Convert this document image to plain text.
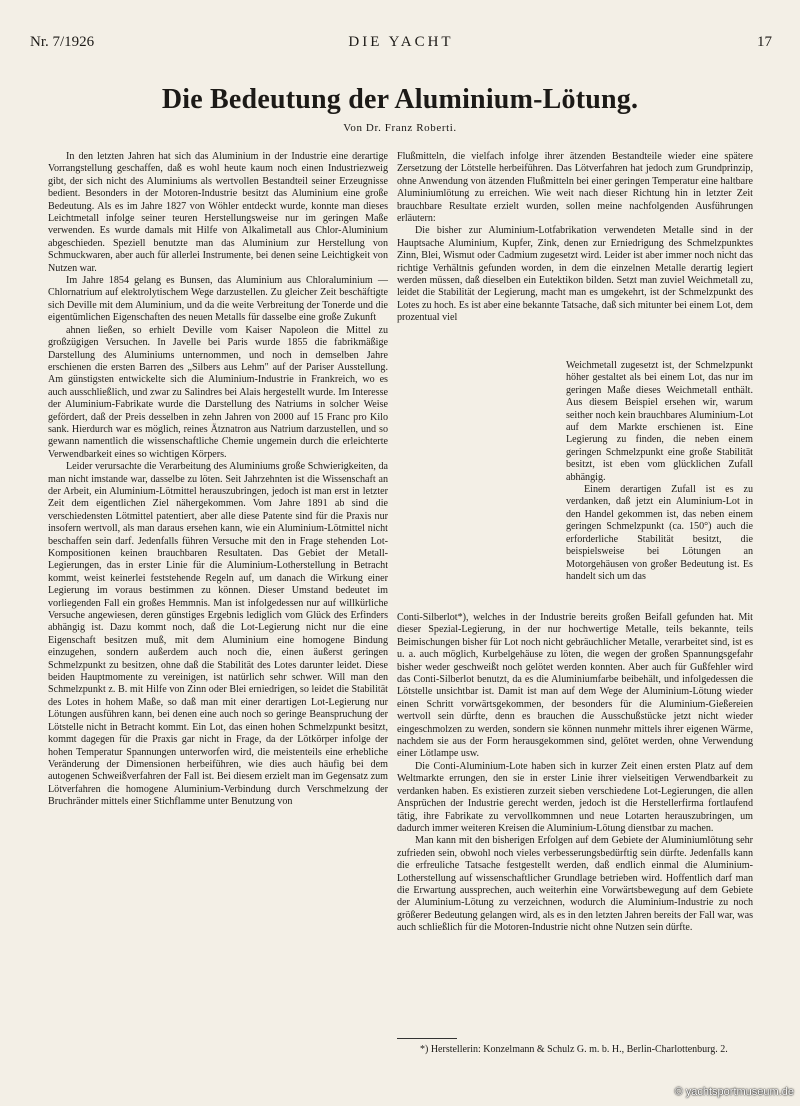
Nr. 7/1926	DIE YACHT	17
Die Bedeutung der Aluminium-Lötung.
Von Dr. Franz Roberti.

In den letzten Jahren hat sich das Aluminium in der Industrie eine derartige Vorrangstellung geschaffen, daß es wohl heute kaum noch einen Industriezweig gibt, der sich nicht des Aluminiums als wertvollen Bestandteil seiner Erzeugnisse bedient. Besonders in der Motoren-Industrie besitzt das Aluminium eine große Bedeutung. Als es im Jahre 1827 von Wöhler entdeckt wurde, konnte man dieses Leichtmetall infolge seiner teuren Herstellungsweise nur im geringen Maße verwenden. Es wurde damals mit Hilfe von Alkalimetall aus Chlor-Aluminium abgeschieden. Speziell benutzte man das Aluminium zur Herstellung von Schmuckwaren, aber auch für allerlei Instrumente, bei denen seine Leichtigkeit von Nutzen war.

Im Jahre 1854 gelang es Bunsen, das Aluminium aus Chloraluminium — Chlornatrium auf elektrolytischem Wege darzustellen. Zu gleicher Zeit beschäftigte sich Deville mit dem Aluminium, und da die weite Verbreitung der Tonerde und die eigentümlichen Eigenschaften des neuen Metalls für dasselbe eine große Zukunft

ahnen ließen, so erhielt Deville vom Kaiser Napoleon die Mittel zu großzügigen Versuchen. In Javelle bei Paris wurde 1855 die fabrikmäßige Darstellung des Aluminiums unternommen, und noch in demselben Jahre erschienen die ersten Barren des „Silbers aus Lehm" auf der Pariser Ausstellung. Am günstigsten entwickelte sich die Aluminium-Industrie in Frankreich, wo es auch ausschließlich, und zwar zu Salindres bei Alais hergestellt wurde. Im Interesse der Aluminium-Fabrikate wurde die Darstellung des Natriums in solcher Weise gefördert, daß der Preis desselben in zehn Jahren von 2000 auf 15 Franc pro Kilo sank. Hierdurch war es möglich, reines Ätznatron aus Natrium darzustellen, und so gewann namentlich die wissenschaftliche Chemie ungemein durch die erleichterte Verwendbarkeit eines so wichtigen Körpers.

Leider verursachte die Verarbeitung des Aluminiums große Schwierigkeiten, da man nicht imstande war, dasselbe zu löten. Seit Jahrzehnten ist die Wissenschaft an der Arbeit, ein Aluminium-Lötmittel herauszubringen, jedoch ist man erst in letzter Zeit dem eigentlichen Ziel nähergekommen. Vom Jahre 1891 ab sind die verschiedensten Lötmittel patentiert, aber alle diese Patente sind für die Praxis nur insofern wertvoll, als man daraus ersehen kann, wie ein Aluminium-Lötmittel nicht beschaffen sein darf. Jedenfalls führen Versuche mit den in Frage stehenden Lot-Kompositionen keinen brauchbaren Resultaten. Das Gebiet der Metall-Legierungen, das in erster Linie für die Aluminium-Lotherstellung in Betracht kommt, weist keinerlei feststehende Regeln auf, um danach die Wirkung einer Legierung im voraus bestimmen zu können. Dieser Umstand bedeutet im vorliegenden Fall ein großes Hemmnis. Man ist infolgedessen nur auf willkürliche Versuche angewiesen, deren günstiges Ergebnis lediglich vom Glück des Erfinders abhängig ist. Dazu kommt noch, daß die Lot-Legierung nicht nur die eine Eigenschaft besitzen muß, mit dem Aluminium eine homogene Bindung einzugehen, sondern außerdem auch noch die, einen äußerst geringen Schmelzpunkt zu besitzen, ohne daß die Stabilität des Lotes darunter leidet. Diese beiden Hauptmomente zu vereinigen, ist natürlich sehr schwer. Will man den Schmelzpunkt z. B. mit Hilfe von Zinn oder Blei erniedrigen, so leidet die Stabilität des Lotes in hohem Maße, so daß man mit einer derartigen Lot-Legierung nur Lötungen ausführen kann, bei denen eine auch noch so geringe Beanspruchung der Lötstelle nicht in Betracht kommt. Ein Lot, das einen hohen Schmelzpunkt besitzt, kommt dagegen für die Praxis gar nicht in Frage, da der Lötkörper infolge der hohen Temperatur Spannungen unterworfen wird, die meistenteils eine erhebliche Veränderung der Dimensionen herbeiführen, wie dies auch häufig bei dem autogenen Schweißverfahren der Fall ist. Bei diesem erzielt man im Gegensatz zum Lötverfahren die homogene Aluminium-Verbindung durch Verschmelzung der Bruchränder mittels einer Stichflamme unter Benutzung von

Flußmitteln, die vielfach infolge ihrer ätzenden Bestandteile wieder eine spätere Zersetzung der Lötstelle herbeiführen. Das Lötverfahren hat jedoch zum Grundprinzip, ohne Anwendung von ätzenden Flußmitteln bei einer geringen Temperatur eine haltbare Aluminiumlötung zu erreichen. Wie weit nach dieser Richtung hin in letzter Zeit brauchbare Resultate erzielt wurden, sollen meine nachfolgenden Ausführungen erläutern:

Die bisher zur Aluminium-Lotfabrikation verwendeten Metalle sind in der Hauptsache Aluminium, Kupfer, Zink, denen zur Erniedrigung des Schmelzpunktes Zinn, Blei, Wismut oder Cadmium zugesetzt wird. Leider ist aber immer noch nicht das richtige Verhältnis gefunden worden, in dem die einzelnen Metalle derartig legiert werden müssen, daß dieselben ein Eutektikon bilden. Setzt man zuviel Weichmetall zu, leidet die Stabilität der Legierung, macht man es umgekehrt, ist der Schmelzpunkt des Lotes zu hoch. Es ist aber eine bekannte Tatsache, daß sich mitunter bei einem Lot, dem prozentual viel

Weichmetall zugesetzt ist, der Schmelzpunkt höher gestaltet als bei einem Lot, das nur im geringen Maße dieses Weichmetall enthält. Aus diesem Beispiel ersehen wir, warum seither noch kein brauchbares Aluminium-Lot auf dem Markte erschienen ist. Eine Legierung zu finden, die neben einem geringen Schmelzpunkt eine große Stabilität besitzt, ist eben vom glücklichen Zufall abhängig.

Einem derartigen Zufall ist es zu verdanken, daß jetzt ein Aluminium-Lot in den Handel gekommen ist, das neben einem geringen Schmelzpunkt (ca. 150°) auch die erforderliche Stabilität besitzt, die beispielsweise bei Lötungen an Motorgehäusen von großer Bedeutung ist. Es handelt sich um das

Conti-Silberlot*), welches in der Industrie bereits großen Beifall gefunden hat. Mit dieser Spezial-Legierung, in der nur hochwertige Metalle, teils bekannte, teils Beimischungen bisher für Lot noch nicht gebräuchlicher Metalle, verarbeitet sind, ist es u. a. auch möglich, Kurbelgehäuse zu löten, die wegen der großen Spannungsgefahr bisher weder geschweißt noch gelötet werden konnten. Aber auch für Gußfehler wird das Conti-Silberlot benutzt, da es die Aluminiumfarbe beibehält, und infolgedessen die Lötstelle unsichtbar ist. Damit ist man auf dem Wege der Aluminium-Lötung wieder einen Schritt vorwärtsgekommen, der besonders für die Aluminium-Gießereien wertvoll sein dürfte, denn es brauchen die Ausschußstücke jetzt nicht wieder eingeschmolzen zu werden, sondern sie können nunmehr mittels ihrer eigenen Wärme, nachdem sie aus der Form herausgekommen sind, gelötet werden, ohne Verwendung einer Lötlampe usw.

Die Conti-Aluminium-Lote haben sich in kurzer Zeit einen ersten Platz auf dem Weltmarkte errungen, den sie in erster Linie ihrer vielseitigen Verwendbarkeit zu verdanken haben. Es existieren zurzeit sieben verschiedene Lot-Legierungen, die allen Ansprüchen der Industrie gerecht werden, jedoch ist die Herstellerfirma fortlaufend tätig, ihre Fabrikate zu vervollkommnen und neue Lotarten herauszubringen, um dadurch immer weiteren Kreisen die Aluminium-Lötung dienstbar zu machen.

Man kann mit den bisherigen Erfolgen auf dem Gebiete der Aluminiumlötung sehr zufrieden sein, obwohl noch vieles verbesserungsbedürftig sein dürfte. Jedenfalls kann die erfreuliche Tatsache festgestellt werden, daß endlich einmal die Aluminium-Lotherstellung auf wissenschaftlicher Grundlage betrieben wird. Hoffentlich darf man die Erwartung aussprechen, auch weiterhin eine Vorwärtsbewegung auf dem Gebiete der Aluminium-Lötung zu verzeichnen, wodurch die Aluminium-Industrie zu noch größerer Bedeutung gelangen wird, als es in den letzten Jahren bereits der Fall war, was auch schließlich für die Motoren-Industrie nicht ohne Nutzen sein dürfte.

*) Herstellerin: Konzelmann & Schulz G. m. b. H., Berlin-Charlottenburg. 2.
© yachtsportmuseum.de
